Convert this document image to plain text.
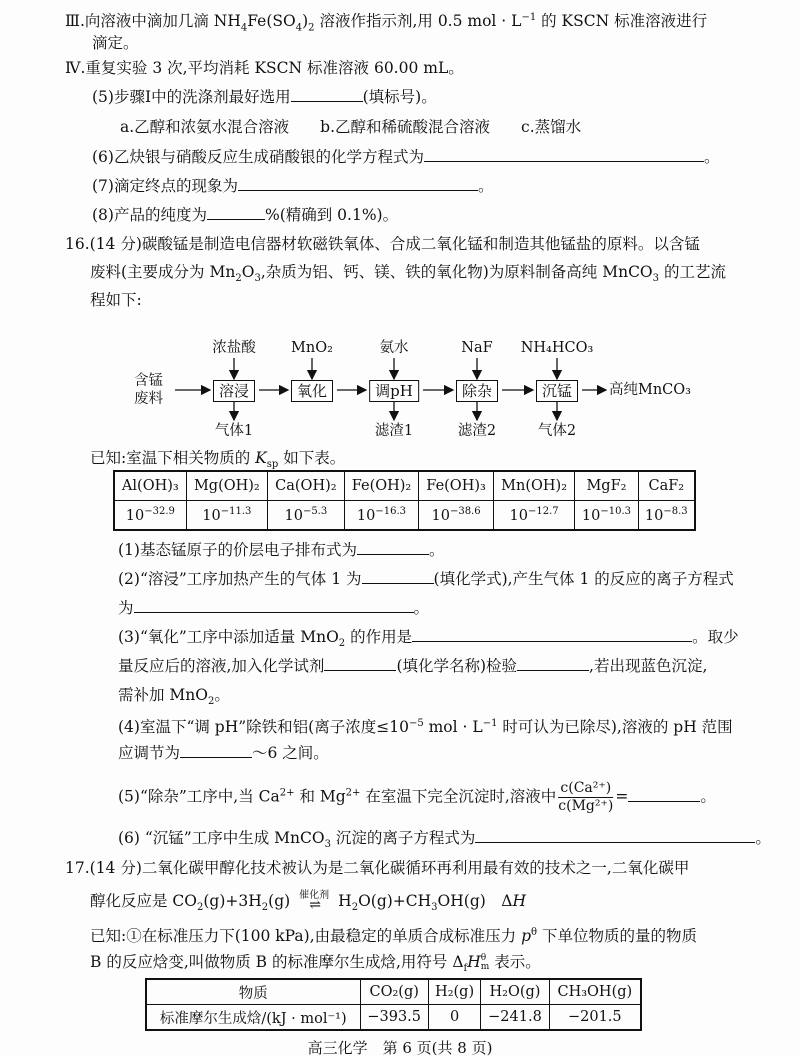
Ⅲ.向溶液中滴加几滴 $NH_4Fe(SO_4)_2$ 溶液作指示剂,用 0.5 mol · $L^{-1}$ 的 KSCN 标准溶液进行
滴定。
Ⅳ.重复实验 3 次,平均消耗 KSCN 标准溶液 60.00 mL。
(5)步骤Ⅰ中的洗涤剂最好选用	(填标号)。
a.乙醇和浓氨水混合溶液　　b.乙醇和稀硫酸混合溶液　　c.蒸馏水
(6)乙炔银与硝酸反应生成硝酸银的化学方程式为	。
(7)滴定终点的现象为	。
(8)产品的纯度为	%(精确到 0.1%)。
16.(14 分)碳酸锰是制造电信器材软磁铁氧体、合成二氧化锰和制造其他锰盐的原料。以含锰
废料(主要成分为 $Mn_2O_3$,杂质为铝、钙、镁、铁的氧化物)为原料制备高纯 MnCO$_3$ 的工艺流
程如下:
已知:室温下相关物质的 $K_{sp}$ 如下表。
(1)基态锰原子的价层电子排布式为	。
(2)“溶浸”工序加热产生的气体 1 为	(填化学式),产生气体 1 的反应的离子方程式
为	。
(3)“氧化”工序中添加适量 MnO$_2$ 的作用是	。取少
量反应后的溶液,加入化学试剂	(填化学名称)检验	,若出现蓝色沉淀,
需补加 MnO$_2$。
(4)室温下“调 pH”除铁和铝(离子浓度$\le 10^{-5}$ mol · $L^{-1}$ 时可认为已除尽),溶液的 pH 范围
应调节为	～6 之间。
(5)“除杂”工序中,当 $Ca^{2+}$ 和 $Mg^{2+}$ 在室温下完全沉淀时,溶液中 $\frac{\text{c(Ca²⁺)}}{\text{c(Mg²⁺)}}$ =	。
(6) “沉锰”工序中生成 MnCO$_3$ 沉淀的离子方程式为	。
17.(14 分)二氧化碳甲醇化技术被认为是二氧化碳循环再利用最有效的技术之一,二氧化碳甲
醇化反应是 $CO_2(g)+3H_2(g)$ 催化剂
⇌	$H_2O(g)+CH_3OH(g)$　ΔH
已知:①在标准压力下(100 kPa),由最稳定的单质合成标准压力 $p^\theta$ 下单位物质的量的物质
B 的反应焓变,叫做物质 B 的标准摩尔生成焓,用符号 $\Delta_fH$ θ
m 表示。
含锰
废料	溶浸	氧化	调pH	除杂	沉锰
浓盐酸 MnO₂	氨水	NaF NH₄HCO₃
气体1	滤渣1	滤渣2	气体2
高纯MnCO₃
Al(OH)₃	Mg(OH)₂	Ca(OH)₂	Fe(OH)₂	Fe(OH)₃	Mn(OH)₂	MgF₂	CaF₂
$10^{-32.9}$	$10^{-11.3}$	$10^{-5.3}$	$10^{-16.3}$	$10^{-38.6}$	$10^{-12.7}$	$10^{-10.3}$	$10^{-8.3}$
物质	CO₂(g)	H₂(g)	H₂O(g)	CH₃OH(g)
标准摩尔生成焓/(kJ · mol⁻¹)	−393.5	0	−241.8	−201.5
高三化学　第 6 页(共 8 页)
